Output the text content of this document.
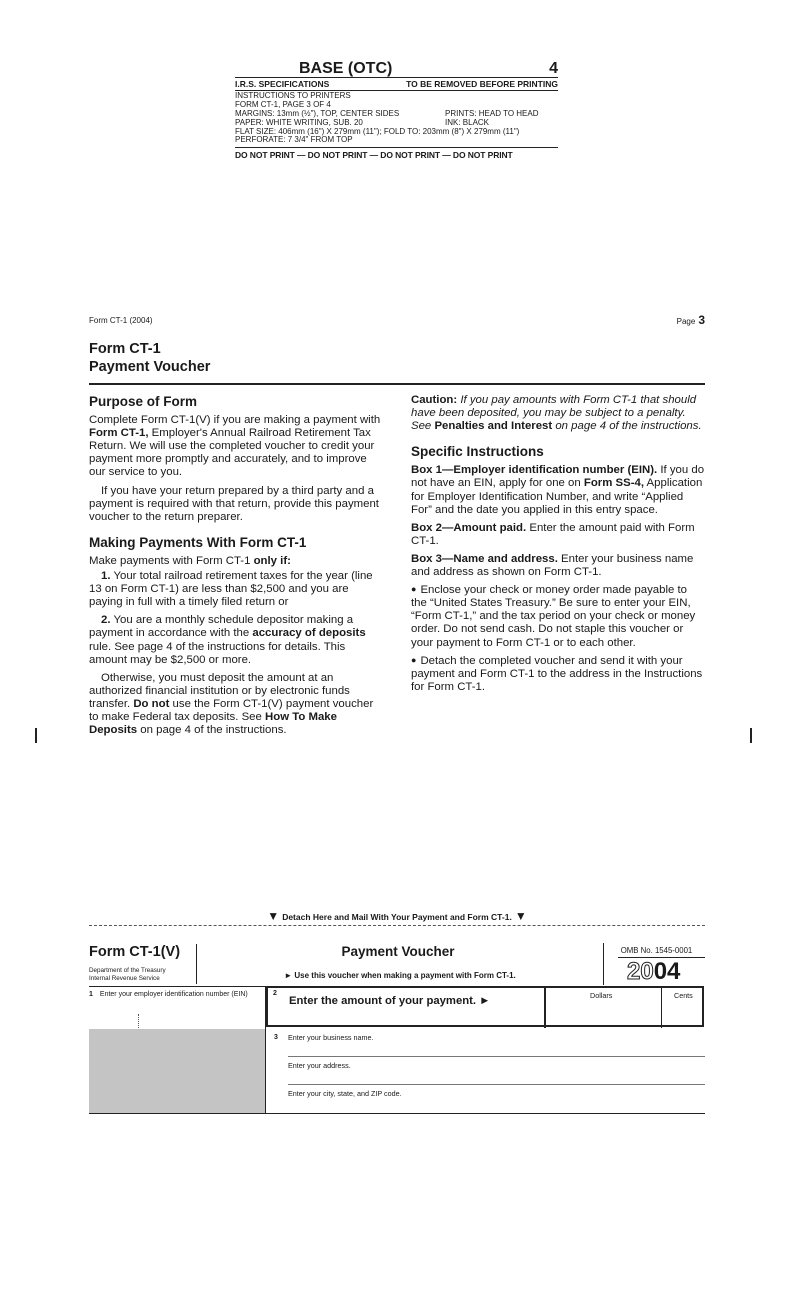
BASE (OTC)	4
I.R.S. SPECIFICATIONS	TO BE REMOVED BEFORE PRINTING
INSTRUCTIONS TO PRINTERS
FORM CT-1, PAGE 3 OF 4
MARGINS: 13mm (½"), TOP, CENTER SIDES	PRINTS: HEAD TO HEAD
PAPER: WHITE WRITING, SUB. 20	INK: BLACK
FLAT SIZE: 406mm (16") X 279mm (11"); FOLD TO: 203mm (8") X 279mm (11")
PERFORATE: 7 3/4" FROM TOP
DO NOT PRINT — DO NOT PRINT — DO NOT PRINT — DO NOT PRINT
Form CT-1 (2004)	Page 3
Form CT-1
Payment Voucher
Purpose of Form

Complete Form CT-1(V) if you are making a payment with Form CT-1, Employer's Annual Railroad Retirement Tax Return. We will use the completed voucher to credit your payment more promptly and accurately, and to improve our service to you.

If you have your return prepared by a third party and a payment is required with that return, provide this payment voucher to the return preparer.

Making Payments With Form CT-1

Make payments with Form CT-1 only if:

1. Your total railroad retirement taxes for the year (line 13 on Form CT-1) are less than $2,500 and you are paying in full with a timely filed return or

2. You are a monthly schedule depositor making a payment in accordance with the accuracy of deposits rule. See page 4 of the instructions for details. This amount may be $2,500 or more.

Otherwise, you must deposit the amount at an authorized financial institution or by electronic funds transfer. Do not use the Form CT-1(V) payment voucher to make Federal tax deposits. See How To Make Deposits on page 4 of the instructions.

Caution: If you pay amounts with Form CT-1 that should have been deposited, you may be subject to a penalty. See Penalties and Interest on page 4 of the instructions.

Specific Instructions

Box 1—Employer identification number (EIN). If you do not have an EIN, apply for one on Form SS-4, Application for Employer Identification Number, and write “Applied For” and the date you applied in this entry space.

Box 2—Amount paid. Enter the amount paid with Form CT-1.

Box 3—Name and address. Enter your business name and address as shown on Form CT-1.

● Enclose your check or money order made payable to the “United States Treasury.” Be sure to enter your EIN, “Form CT-1,” and the tax period on your check or money order. Do not send cash. Do not staple this voucher or your payment to Form CT-1 or to each other.

● Detach the completed voucher and send it with your payment and Form CT-1 to the address in the Instructions for Form CT-1.

▼ Detach Here and Mail With Your Payment and Form CT-1. ▼
Form CT-1(V)
Department of the Treasury
Internal Revenue Service
Payment Voucher
► Use this voucher when making a payment with Form CT-1.
OMB No. 1545-0001
2004
1 Enter your employer identification number (EIN)	2
Enter the amount of your payment. ►	Dollars	Cents
3 Enter your business name.
Enter your address.
Enter your city, state, and ZIP code.
